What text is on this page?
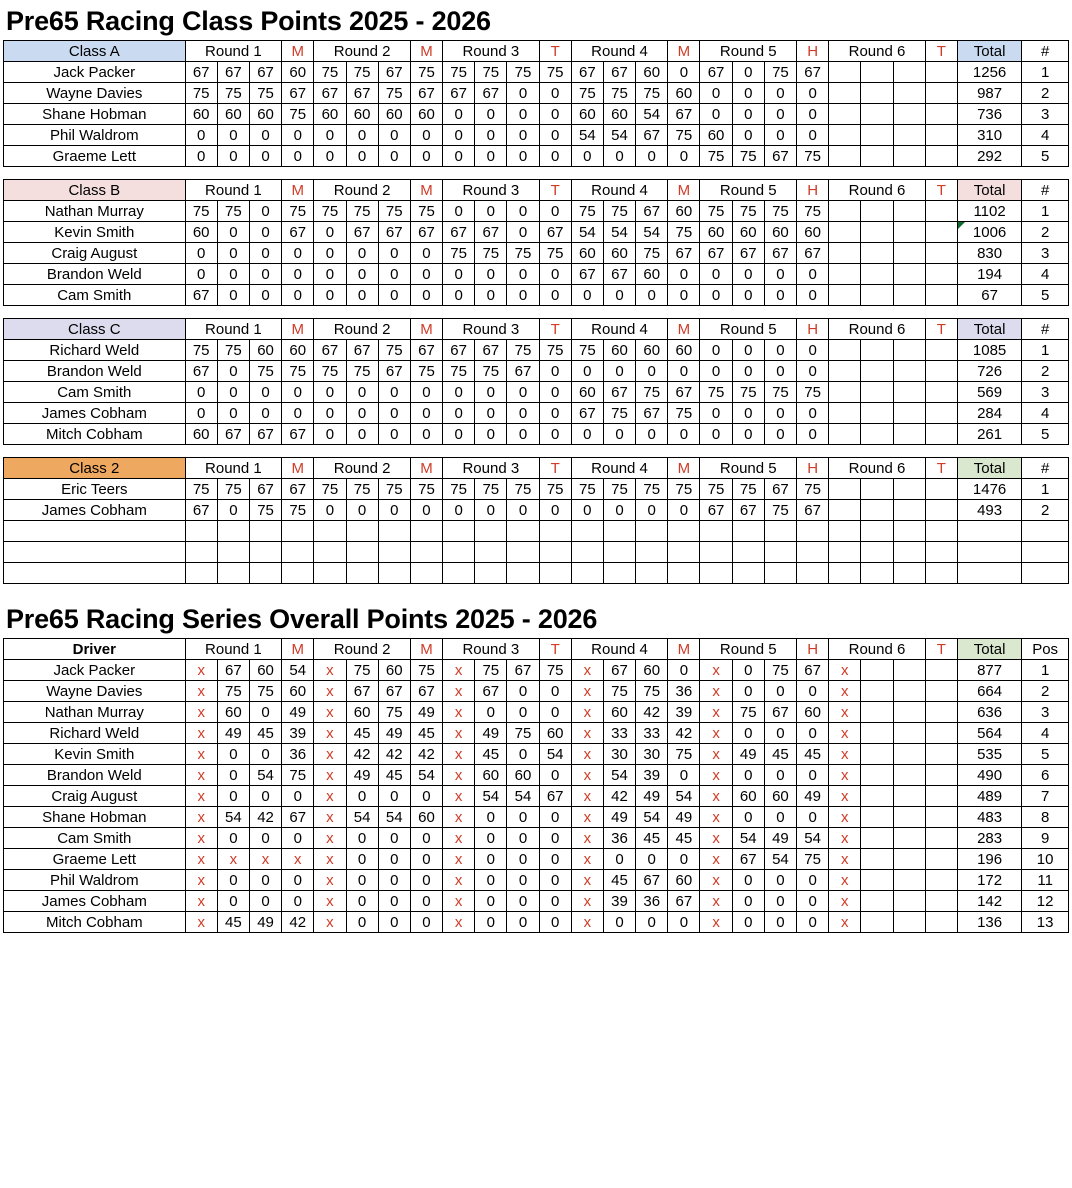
Pre65 Racing Class Points 2025 - 2026
Class A	Round 1			M	Round 2			M	Round 3			T	Round 4			M	Round 5			H	Round 6			T	Total	#
Jack Packer	67	67	67	60	75	75	67	75	75	75	75	75	67	67	60	0	67	0	75	67					1256	1
Wayne Davies	75	75	75	67	67	67	75	67	67	67	0	0	75	75	75	60	0	0	0	0					987	2
Shane Hobman	60	60	60	75	60	60	60	60	0	0	0	0	60	60	54	67	0	0	0	0					736	3
Phil Waldrom	0	0	0	0	0	0	0	0	0	0	0	0	54	54	67	75	60	0	0	0					310	4
Graeme Lett	0	0	0	0	0	0	0	0	0	0	0	0	0	0	0	0	75	75	67	75					292	5
Class B	Round 1			M	Round 2			M	Round 3			T	Round 4			M	Round 5			H	Round 6			T	Total	#
Nathan Murray	75	75	0	75	75	75	75	75	0	0	0	0	75	75	67	60	75	75	75	75					1102	1
Kevin Smith	60	0	0	67	0	67	67	67	67	67	0	67	54	54	54	75	60	60	60	60					1006	2
Craig August	0	0	0	0	0	0	0	0	75	75	75	75	60	60	75	67	67	67	67	67					830	3
Brandon Weld	0	0	0	0	0	0	0	0	0	0	0	0	67	67	60	0	0	0	0	0					194	4
Cam Smith	67	0	0	0	0	0	0	0	0	0	0	0	0	0	0	0	0	0	0	0					67	5
Class C	Round 1			M	Round 2			M	Round 3			T	Round 4			M	Round 5			H	Round 6			T	Total	#
Richard Weld	75	75	60	60	67	67	75	67	67	67	75	75	75	60	60	60	0	0	0	0					1085	1
Brandon Weld	67	0	75	75	75	75	67	75	75	75	67	0	0	0	0	0	0	0	0	0					726	2
Cam Smith	0	0	0	0	0	0	0	0	0	0	0	0	60	67	75	67	75	75	75	75					569	3
James Cobham	0	0	0	0	0	0	0	0	0	0	0	0	67	75	67	75	0	0	0	0					284	4
Mitch Cobham	60	67	67	67	0	0	0	0	0	0	0	0	0	0	0	0	0	0	0	0					261	5
Class 2	Round 1			M	Round 2			M	Round 3			T	Round 4			M	Round 5			H	Round 6			T	Total	#
Eric Teers	75	75	67	67	75	75	75	75	75	75	75	75	75	75	75	75	75	75	67	75					1476	1
James Cobham	67	0	75	75	0	0	0	0	0	0	0	0	0	0	0	0	67	67	75	67					493	2

Pre65 Racing Series Overall Points 2025 - 2026
Driver	Round 1			M	Round 2			M	Round 3			T	Round 4			M	Round 5			H	Round 6			T	Total	Pos
Jack Packer	x	67	60	54	x	75	60	75	x	75	67	75	x	67	60	0	x	0	75	67	x				877	1
Wayne Davies	x	75	75	60	x	67	67	67	x	67	0	0	x	75	75	36	x	0	0	0	x				664	2
Nathan Murray	x	60	0	49	x	60	75	49	x	0	0	0	x	60	42	39	x	75	67	60	x				636	3
Richard Weld	x	49	45	39	x	45	49	45	x	49	75	60	x	33	33	42	x	0	0	0	x				564	4
Kevin Smith	x	0	0	36	x	42	42	42	x	45	0	54	x	30	30	75	x	49	45	45	x				535	5
Brandon Weld	x	0	54	75	x	49	45	54	x	60	60	0	x	54	39	0	x	0	0	0	x				490	6
Craig August	x	0	0	0	x	0	0	0	x	54	54	67	x	42	49	54	x	60	60	49	x				489	7
Shane Hobman	x	54	42	67	x	54	54	60	x	0	0	0	x	49	54	49	x	0	0	0	x				483	8
Cam Smith	x	0	0	0	x	0	0	0	x	0	0	0	x	36	45	45	x	54	49	54	x				283	9
Graeme Lett	x	x	x	x	x	0	0	0	x	0	0	0	x	0	0	0	x	67	54	75	x				196	10
Phil Waldrom	x	0	0	0	x	0	0	0	x	0	0	0	x	45	67	60	x	0	0	0	x				172	11
James Cobham	x	0	0	0	x	0	0	0	x	0	0	0	x	39	36	67	x	0	0	0	x				142	12
Mitch Cobham	x	45	49	42	x	0	0	0	x	0	0	0	x	0	0	0	x	0	0	0	x				136	13
